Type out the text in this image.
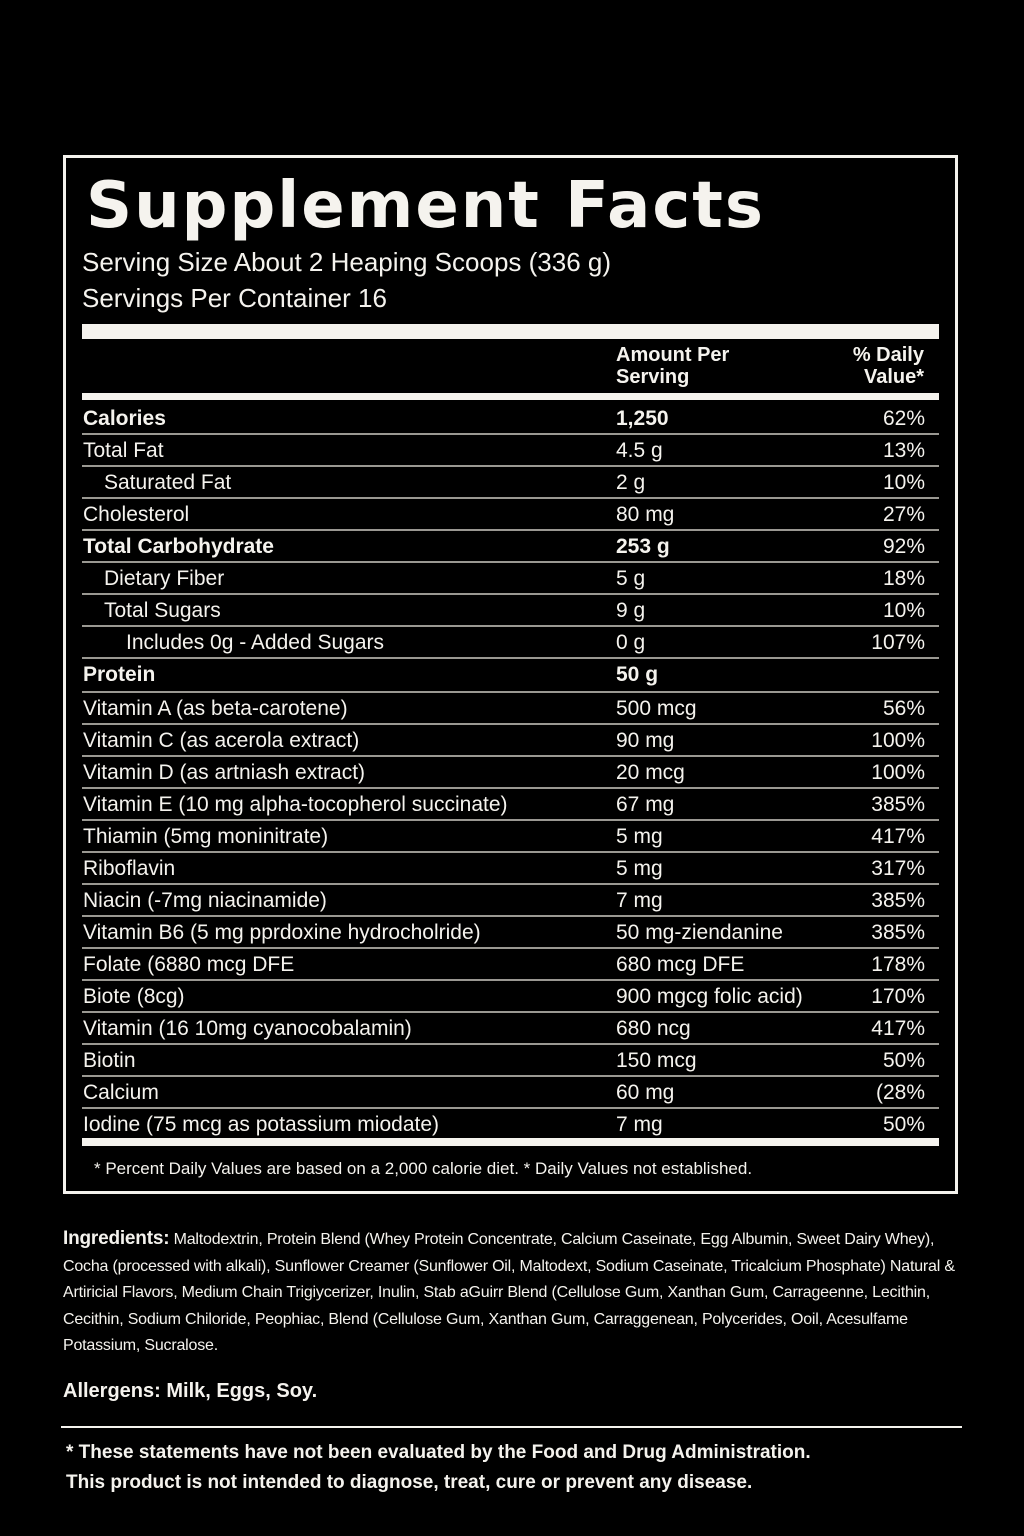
Supplement Facts
Serving Size About 2 Heaping Scoops (336 g)
Servings Per Container 16
Amount Per
Serving
% Daily
Value*
Calories	1,250	62%
Total Fat	4.5 g	13%
Saturated Fat	2 g	10%
Cholesterol	80 mg	27%
Total Carbohydrate	253 g	92%
Dietary Fiber	5 g	18%
Total Sugars	9 g	10%
Includes 0g - Added Sugars	0 g	107%
Protein	50 g
Vitamin A (as beta-carotene)	500 mcg	56%
Vitamin C (as acerola extract)	90 mg	100%
Vitamin D (as artniash extract)	20 mcg	100%
Vitamin E (10 mg alpha-tocopherol succinate)	67 mg	385%
Thiamin (5mg moninitrate)	5 mg	417%
Riboflavin	5 mg	317%
Niacin (-7mg niacinamide)	7 mg	385%
Vitamin B6 (5 mg pprdoxine hydrocholride)	50 mg-ziendanine	385%
Folate (6880 mcg DFE	680 mcg DFE	178%
Biote (8cg)	900 mgcg folic acid)	170%
Vitamin (16 10mg cyanocobalamin)	680 ncg	417%
Biotin	150 mcg	50%
Calcium	60 mg	(28%
Iodine (75 mcg as potassium miodate)	7 mg	50%
* Percent Daily Values are based on a 2,000 calorie diet. * Daily Values not established.
Ingredients: Maltodextrin, Protein Blend (Whey Protein Concentrate, Calcium Caseinate, Egg Albumin, Sweet Dairy Whey), Cocha (processed with alkali), Sunflower Creamer (Sunflower Oil, Maltodext, Sodium Caseinate, Tricalcium Phosphate) Natural & Artiricial Flavors, Medium Chain Trigiycerizer, Inulin, Stab aGuirr Blend (Cellulose Gum, Xanthan Gum, Carrageenne, Lecithin, Cecithin, Sodium Chiloride, Peophiac, Blend (Cellulose Gum, Xanthan Gum, Carraggenean, Polycerides, Ooil, Acesulfame Potassium, Sucralose.
Allergens: Milk, Eggs, Soy.
* These statements have not been evaluated by the Food and Drug Administration.
This product is not intended to diagnose, treat, cure or prevent any disease.
